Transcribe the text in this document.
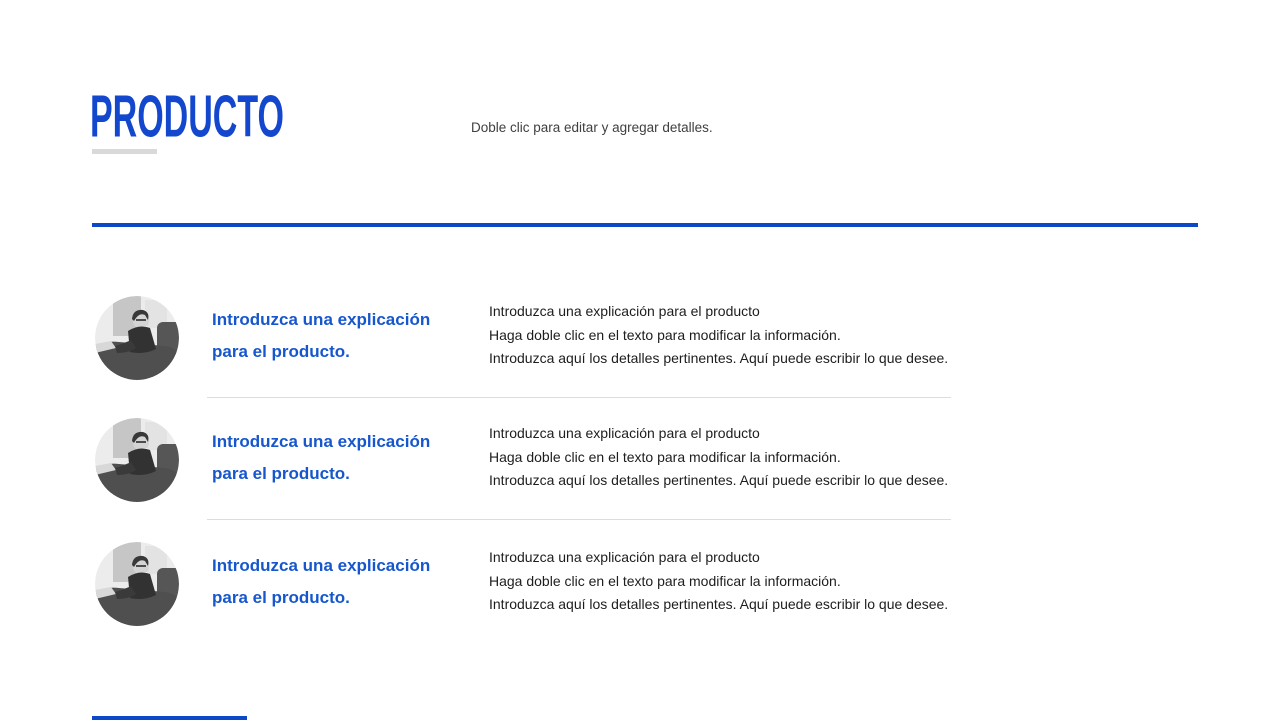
PRODUCTO	Doble clic para editar y agregar detalles.
Introduzca una explicación para el producto.
Introduzca una explicación para el producto
Haga doble clic en el texto para modificar la información.
Introduzca aquí los detalles pertinentes. Aquí puede escribir lo que desee.
Introduzca una explicación para el producto.
Introduzca una explicación para el producto
Haga doble clic en el texto para modificar la información.
Introduzca aquí los detalles pertinentes. Aquí puede escribir lo que desee.
Introduzca una explicación para el producto.
Introduzca una explicación para el producto
Haga doble clic en el texto para modificar la información.
Introduzca aquí los detalles pertinentes. Aquí puede escribir lo que desee.
